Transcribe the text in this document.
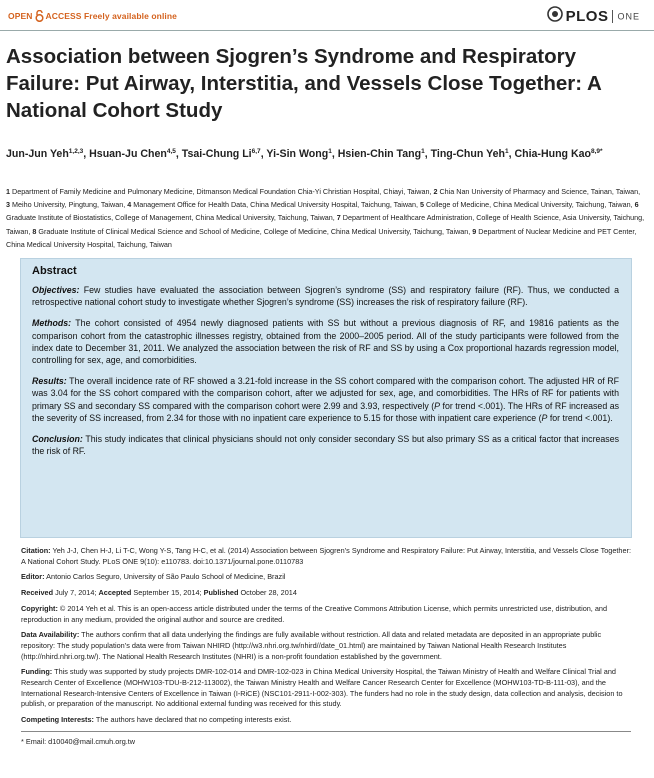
OPEN ACCESS Freely available online	PLOS ONE
Association between Sjogren’s Syndrome and Respiratory Failure: Put Airway, Interstitia, and Vessels Close Together: A National Cohort Study
Jun-Jun Yeh$^{1,2,3}$, Hsuan-Ju Chen$^{4,5}$, Tsai-Chung Li$^{6,7}$, Yi-Sin Wong$^1$, Hsien-Chin Tang$^1$, Ting-Chun Yeh$^1$, Chia-Hung Kao$^{8,9*}$
1 Department of Family Medicine and Pulmonary Medicine, Ditmanson Medical Foundation Chia-Yi Christian Hospital, Chiayi, Taiwan, 2 Chia Nan University of Pharmacy and Science, Tainan, Taiwan, 3 Meiho University, Pingtung, Taiwan, 4 Management Office for Health Data, China Medical University Hospital, Taichung, Taiwan, 5 College of Medicine, China Medical University, Taichung, Taiwan, 6 Graduate Institute of Biostatistics, College of Management, China Medical University, Taichung, Taiwan, 7 Department of Healthcare Administration, College of Health Science, Asia University, Taichung, Taiwan, 8 Graduate Institute of Clinical Medical Science and School of Medicine, College of Medicine, China Medical University, Taichung, Taiwan, 9 Department of Nuclear Medicine and PET Center, China Medical University Hospital, Taichung, Taiwan
Abstract

Objectives: Few studies have evaluated the association between Sjogren’s syndrome (SS) and respiratory failure (RF). Thus, we conducted a retrospective national cohort study to investigate whether Sjogren’s syndrome (SS) increases the risk of respiratory failure (RF).

Methods: The cohort consisted of 4954 newly diagnosed patients with SS but without a previous diagnosis of RF, and 19816 patients as the comparison cohort from the catastrophic illnesses registry, obtained from the 2000–2005 period. All of the study participants were followed from the index date to December 31, 2011. We analyzed the association between the risk of RF and SS by using a Cox proportional hazards regression model, controlling for sex, age, and comorbidities.

Results: The overall incidence rate of RF showed a 3.21-fold increase in the SS cohort compared with the comparison cohort. The adjusted HR of RF was 3.04 for the SS cohort compared with the comparison cohort, after we adjusted for sex, age, and comorbidities. The HRs of RF for patients with primary SS and secondary SS compared with the comparison cohort were 2.99 and 3.93, respectively (P for trend <.001). The HRs of RF increased as the severity of SS increased, from 2.34 for those with no inpatient care experience to 5.15 for those with inpatient care experience (P for trend <.001).

Conclusion: This study indicates that clinical physicians should not only consider secondary SS but also primary SS as a critical factor that increases the risk of RF.

Citation: Yeh J-J, Chen H-J, Li T-C, Wong Y-S, Tang H-C, et al. (2014) Association between Sjogren’s Syndrome and Respiratory Failure: Put Airway, Interstitia, and Vessels Close Together: A National Cohort Study. PLoS ONE 9(10): e110783. doi:10.1371/journal.pone.0110783

Editor: Antonio Carlos Seguro, University of São Paulo School of Medicine, Brazil

Received July 7, 2014; Accepted September 15, 2014; Published October 28, 2014

Copyright: © 2014 Yeh et al. This is an open-access article distributed under the terms of the Creative Commons Attribution License, which permits unrestricted use, distribution, and reproduction in any medium, provided the original author and source are credited.

Data Availability: The authors confirm that all data underlying the findings are fully available without restriction. All data and related metadata are deposited in an appropriate public repository: The study population’s data were from Taiwan NHIRD (http://w3.nhri.org.tw/nhird//date_01.html) are maintained by Taiwan National Health Research Institutes (http://nhird.nhri.org.tw/). The National Health Research Institutes (NHRI) is a non-profit foundation established by the government.

Funding: This study was supported by study projects DMR-102-014 and DMR-102-023 in China Medical University Hospital, the Taiwan Ministry of Health and Welfare Clinical Trial and Research Center of Excellence (MOHW103-TDU-B-212-113002), the Taiwan Ministry Health and Welfare Cancer Research Center for Excellence (MOHW103-TD-B-111-03), and the International Research-Intensive Centers of Excellence in Taiwan (I-RiCE) (NSC101-2911-I-002-303). The funders had no role in the study design, data collection and analysis, decision to publish, or preparation of the manuscript. No additional external funding was received for this study.

Competing Interests: The authors have declared that no competing interests exist.

* Email: d10040@mail.cmuh.org.tw
